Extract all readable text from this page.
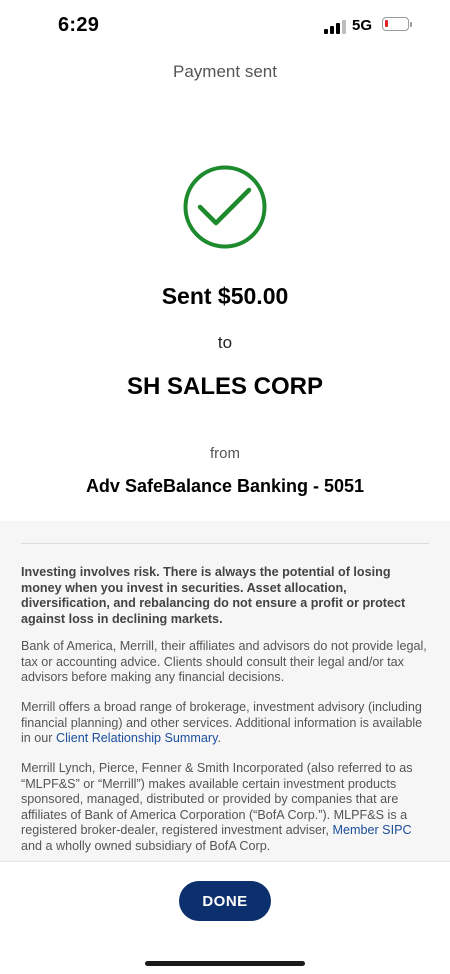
6:29	5G
Payment sent
Sent $50.00
to
SH SALES CORP
from
Adv SafeBalance Banking - 5051

Investing involves risk. There is always the potential of losing money when you invest in securities. Asset allocation, diversification, and rebalancing do not ensure a profit or protect against loss in declining markets.

Bank of America, Merrill, their affiliates and advisors do not provide legal, tax or accounting advice. Clients should consult their legal and/or tax advisors before making any financial decisions.

Merrill offers a broad range of brokerage, investment advisory (including financial planning) and other services. Additional information is available in our Client Relationship Summary.

Merrill Lynch, Pierce, Fenner & Smith Incorporated (also referred to as “MLPF&S” or “Merrill”) makes available certain investment products sponsored, managed, distributed or provided by companies that are affiliates of Bank of America Corporation (“BofA Corp.”). MLPF&S is a registered broker-dealer, registered investment adviser, Member SIPC and a wholly owned subsidiary of BofA Corp.

DONE
